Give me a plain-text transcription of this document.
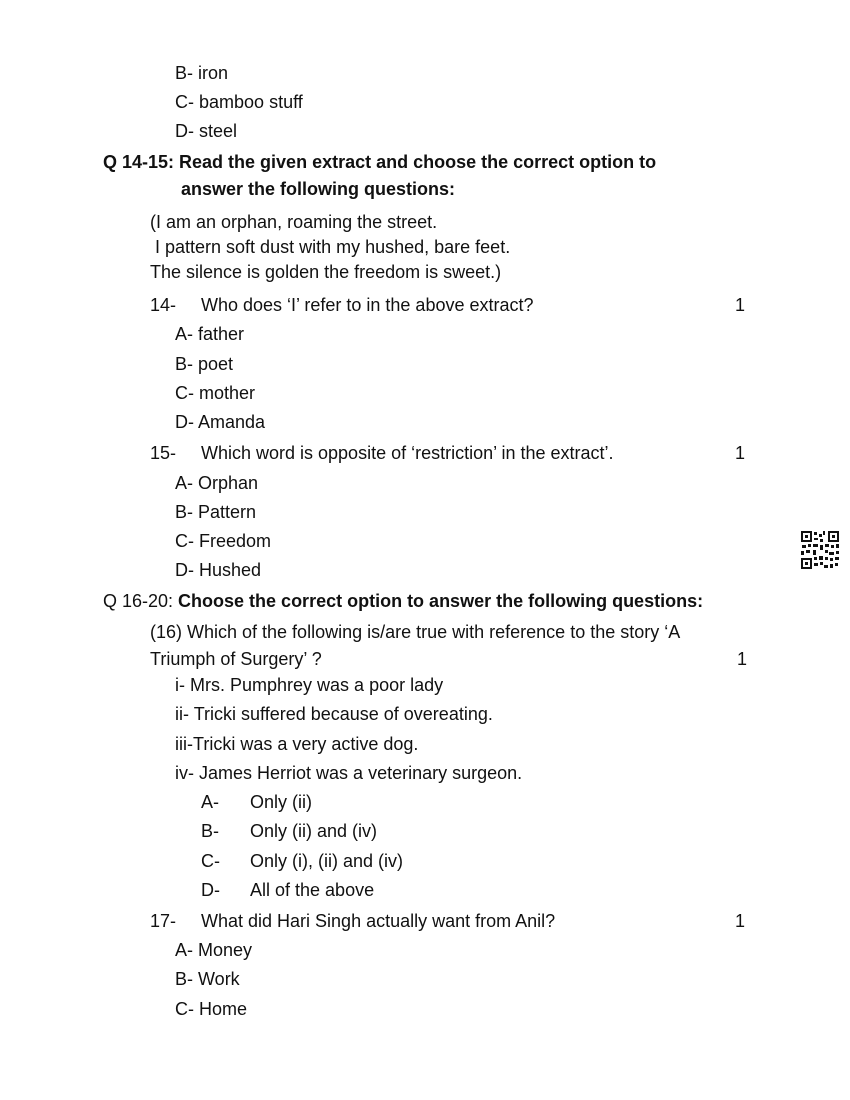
B- iron
C- bamboo stuff
D- steel
Q 14-15: Read the given extract and choose the correct option to
answer the following questions:
(I am an orphan, roaming the street.
I pattern soft dust with my hushed, bare feet.
The silence is golden the freedom is sweet.)
14- Who does ‘I’ refer to in the above extract?	1
A- father
B- poet
C- mother
D- Amanda
15- Which word is opposite of ‘restriction’ in the extract’.	1
A- Orphan
B- Pattern
C- Freedom
D- Hushed
Q 16-20: Choose the correct option to answer the following questions:
(16) Which of the following is/are true with reference to the story ‘A
Triumph of Surgery’ ?	1
i- Mrs. Pumphrey was a poor lady
ii- Tricki suffered because of overeating.
iii-Tricki was a very active dog.
iv- James Herriot was a veterinary surgeon.
A- Only (ii)
B- Only (ii) and (iv)
C- Only (i), (ii) and (iv)
D- All of the above
17- What did Hari Singh actually want from Anil?	1
A- Money
B- Work
C- Home
